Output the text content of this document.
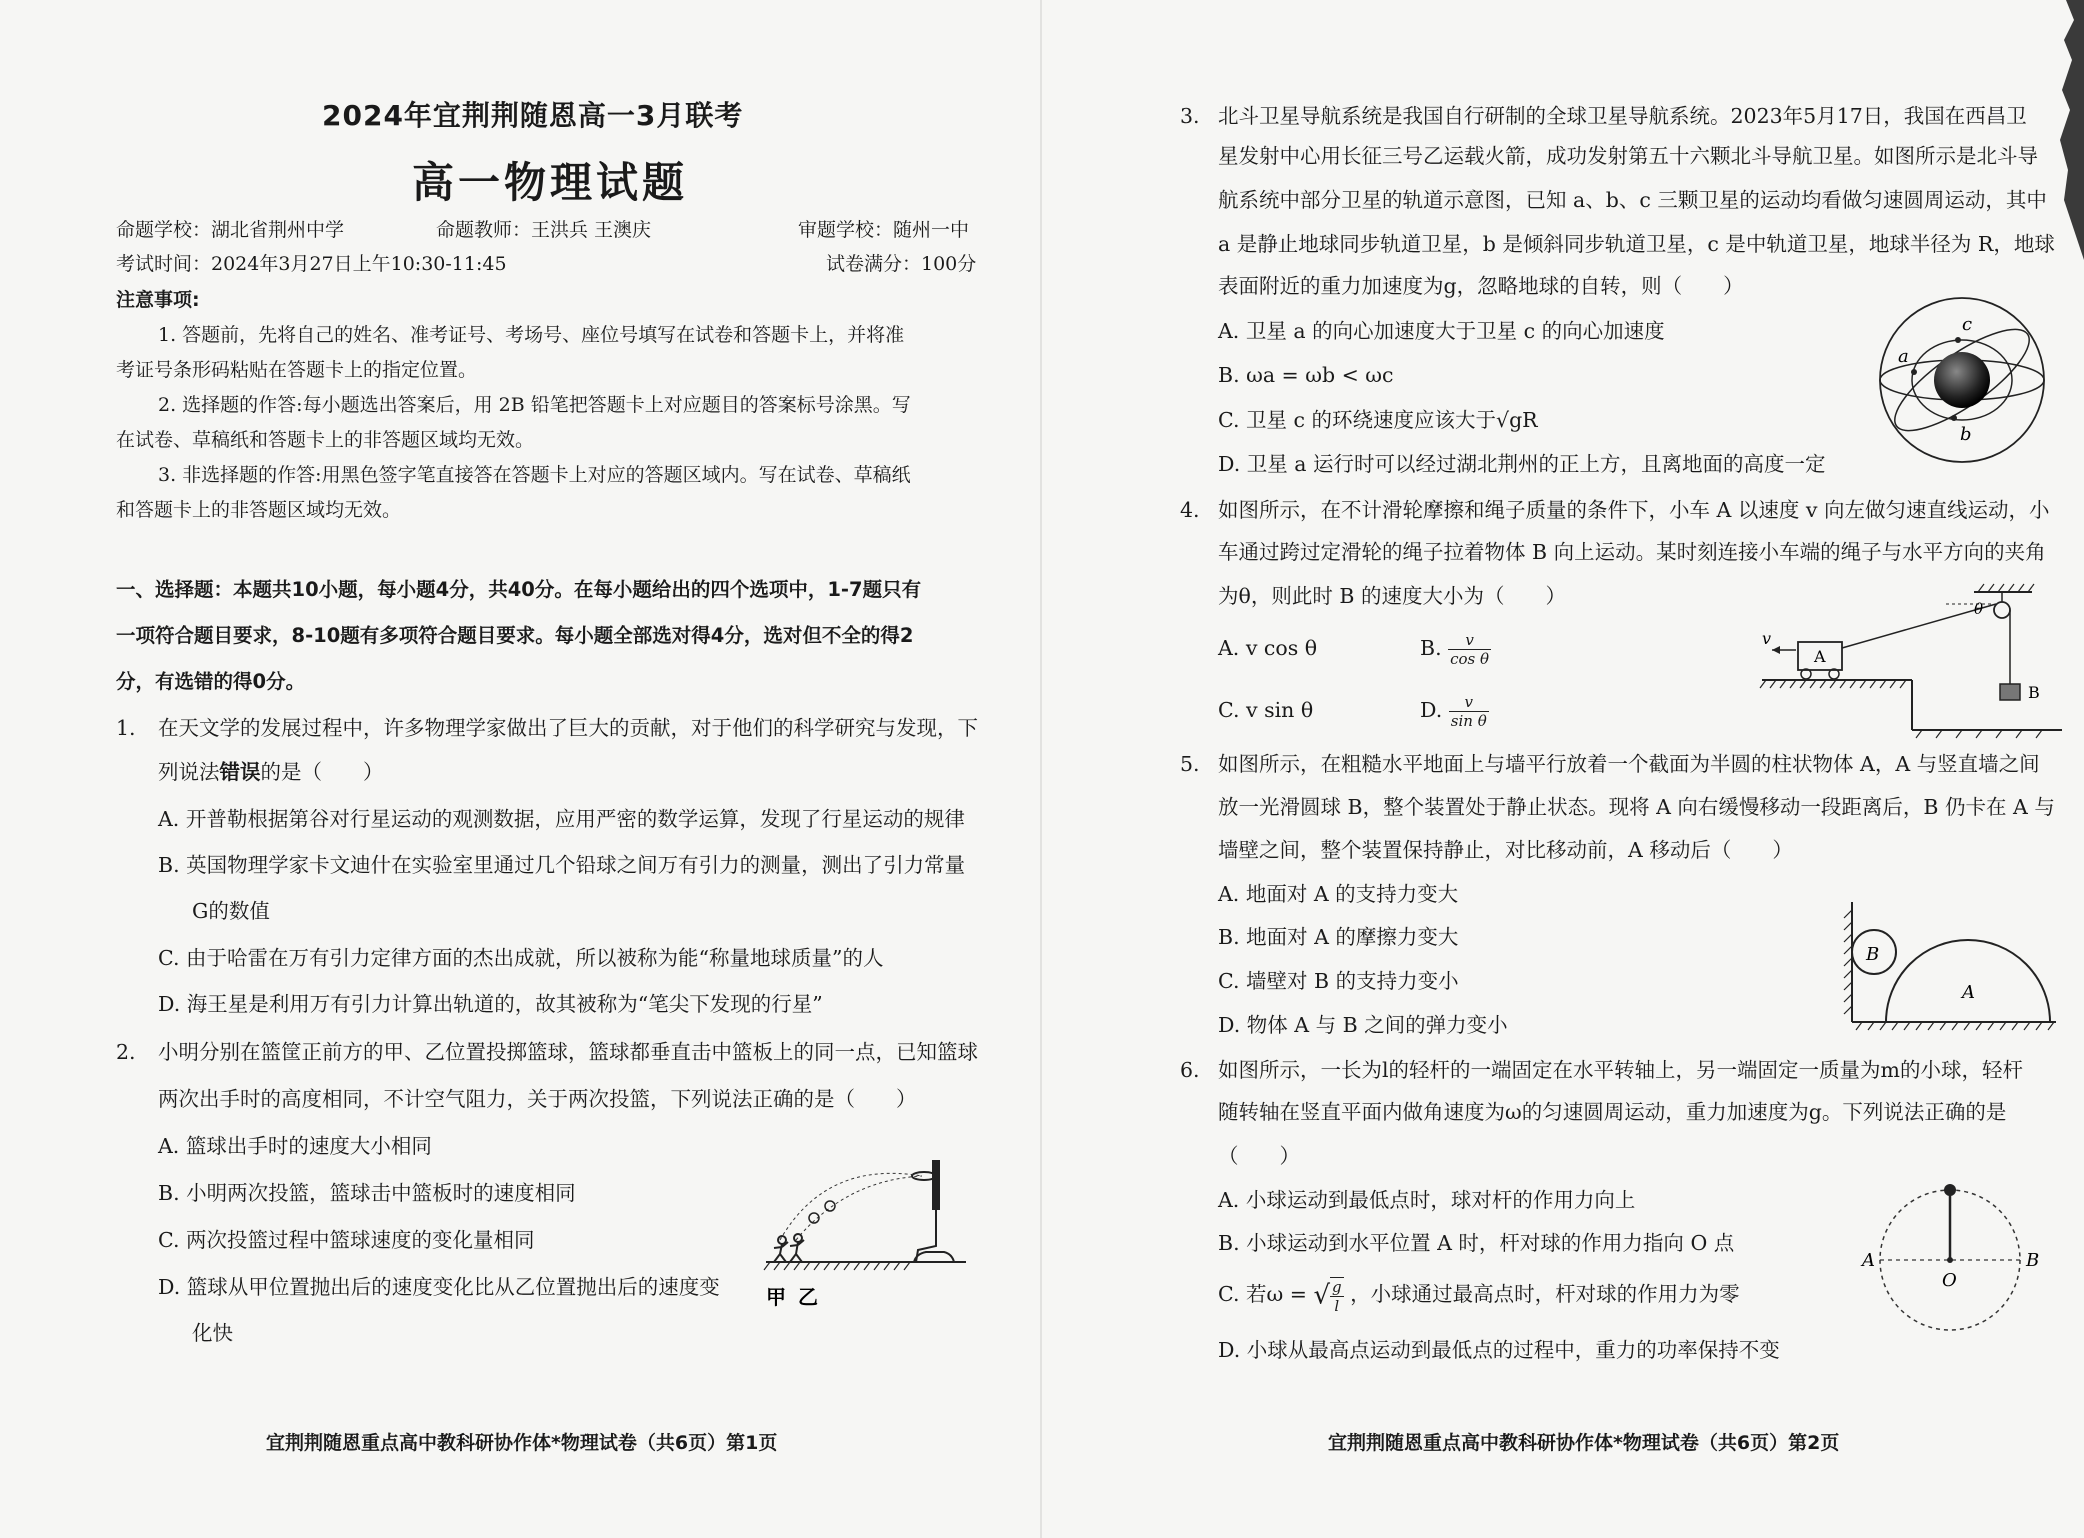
2024年宜荆荆随恩高一3月联考
高一物理试题
命题学校：湖北省荆州中学	命题教师：王洪兵 王澳庆	审题学校：随州一中
考试时间：2024年3月27日上午10:30-11:45	试卷满分：100分
注意事项:
1. 答题前，先将自己的姓名、准考证号、考场号、座位号填写在试卷和答题卡上，并将准
考证号条形码粘贴在答题卡上的指定位置。
2. 选择题的作答:每小题选出答案后，用 2B 铅笔把答题卡上对应题目的答案标号涂黑。写
在试卷、草稿纸和答题卡上的非答题区域均无效。
3. 非选择题的作答:用黑色签字笔直接答在答题卡上对应的答题区域内。写在试卷、草稿纸
和答题卡上的非答题区域均无效。
一、选择题：本题共10小题，每小题4分，共40分。在每小题给出的四个选项中，1-7题只有
一项符合题目要求，8-10题有多项符合题目要求。每小题全部选对得4分，选对但不全的得2
分，有选错的得0分。
1. 在天文学的发展过程中，许多物理学家做出了巨大的贡献，对于他们的科学研究与发现，下
列说法错误的是（　　）
A. 开普勒根据第谷对行星运动的观测数据，应用严密的数学运算，发现了行星运动的规律
B. 英国物理学家卡文迪什在实验室里通过几个铅球之间万有引力的测量，测出了引力常量
G的数值
C. 由于哈雷在万有引力定律方面的杰出成就，所以被称为能“称量地球质量”的人
D. 海王星是利用万有引力计算出轨道的，故其被称为“笔尖下发现的行星”
2. 小明分别在篮筐正前方的甲、乙位置投掷篮球，篮球都垂直击中篮板上的同一点，已知篮球
两次出手时的高度相同，不计空气阻力，关于两次投篮，下列说法正确的是（　　）
A. 篮球出手时的速度大小相同
B. 小明两次投篮，篮球击中篮板时的速度相同
C. 两次投篮过程中篮球速度的变化量相同
D. 篮球从甲位置抛出后的速度变化比从乙位置抛出后的速度变
化快
甲 乙
宜荆荆随恩重点高中教科研协作体*物理试卷（共6页）第1页
3. 北斗卫星导航系统是我国自行研制的全球卫星导航系统。2023年5月17日，我国在西昌卫
星发射中心用长征三号乙运载火箭，成功发射第五十六颗北斗导航卫星。如图所示是北斗导
航系统中部分卫星的轨道示意图，已知 a、b、c 三颗卫星的运动均看做匀速圆周运动，其中
a 是静止地球同步轨道卫星，b 是倾斜同步轨道卫星，c 是中轨道卫星，地球半径为 R，地球
表面附近的重力加速度为g，忽略地球的自转，则（　　）
A. 卫星 a 的向心加速度大于卫星 c 的向心加速度
B. ωa = ωb < ωc
C. 卫星 c 的环绕速度应该大于√gR
D. 卫星 a 运行时可以经过湖北荆州的正上方，且离地面的高度一定
a
c
b
4. 如图所示，在不计滑轮摩擦和绳子质量的条件下，小车 A 以速度 v 向左做匀速直线运动，小
车通过跨过定滑轮的绳子拉着物体 B 向上运动。某时刻连接小车端的绳子与水平方向的夹角
为θ，则此时 B 的速度大小为（　　）
A. v cos θ	B. $\frac{v}{\text{cos θ}}$
C. v sin θ	D. $\frac{v}{\text{sin θ}}$
A
v
θ
B
5. 如图所示，在粗糙水平地面上与墙平行放着一个截面为半圆的柱状物体 A，A 与竖直墙之间
放一光滑圆球 B，整个装置处于静止状态。现将 A 向右缓慢移动一段距离后，B 仍卡在 A 与
墙壁之间，整个装置保持静止，对比移动前，A 移动后（　　）
A. 地面对 A 的支持力变大
B. 地面对 A 的摩擦力变大
C. 墙壁对 B 的支持力变小
D. 物体 A 与 B 之间的弹力变小
B
A
6. 如图所示，一长为l的轻杆的一端固定在水平转轴上，另一端固定一质量为m的小球，轻杆
随转轴在竖直平面内做角速度为ω的匀速圆周运动，重力加速度为g。下列说法正确的是
（　　）
A. 小球运动到最低点时，球对杆的作用力向上
B. 小球运动到水平位置 A 时，杆对球的作用力指向 O 点
C. 若ω = √ $\frac{g}{l}$ ，小球通过最高点时，杆对球的作用力为零
D. 小球从最高点运动到最低点的过程中，重力的功率保持不变
A	B
O
宜荆荆随恩重点高中教科研协作体*物理试卷（共6页）第2页
